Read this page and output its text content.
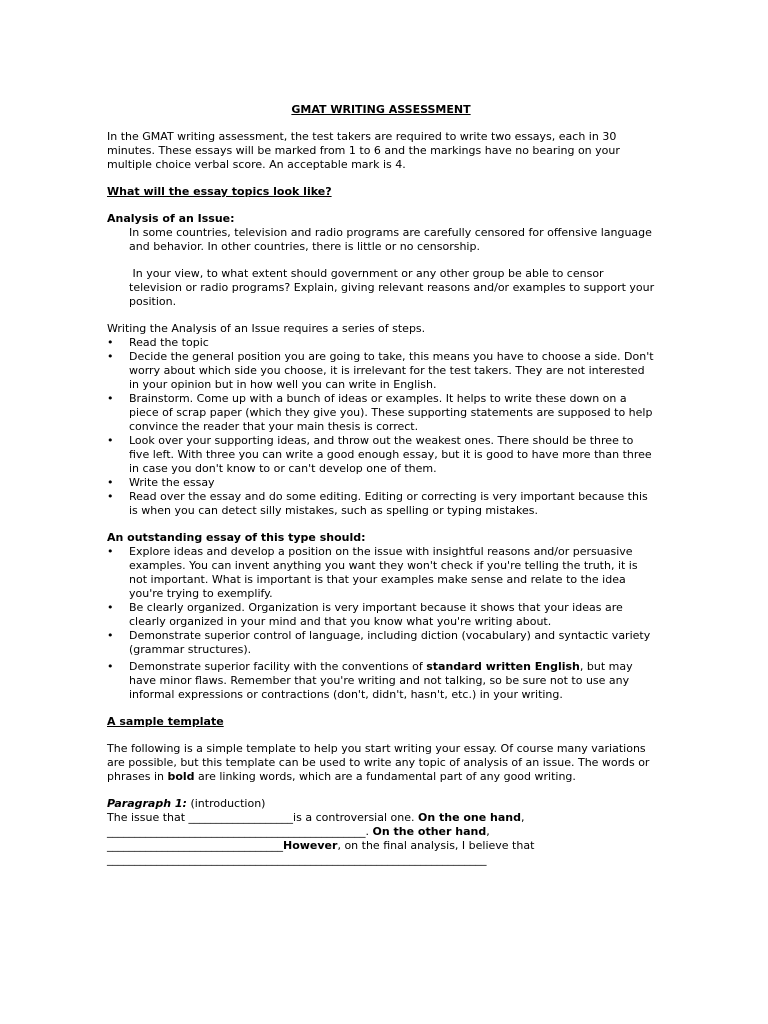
GMAT WRITING ASSESSMENT

In the GMAT writing assessment, the test takers are required to write two essays, each in 30 minutes. These essays will be marked from 1 to 6 and the markings have no bearing on your multiple choice verbal score. An acceptable mark is 4.

What will the essay topics look like?

Analysis of an Issue:

In some countries, television and radio programs are carefully censored for offensive language and behavior. In other countries, there is little or no censorship.

In your view, to what extent should government or any other group be able to censor television or radio programs? Explain, giving relevant reasons and/or examples to support your position.

Writing the Analysis of an Issue requires a series of steps.

• Read the topic
• Decide the general position you are going to take, this means you have to choose a side. Don't worry about which side you choose, it is irrelevant for the test takers. They are not interested in your opinion but in how well you can write in English.
• Brainstorm. Come up with a bunch of ideas or examples. It helps to write these down on a piece of scrap paper (which they give you). These supporting statements are supposed to help convince the reader that your main thesis is correct.
• Look over your supporting ideas, and throw out the weakest ones. There should be three to five left. With three you can write a good enough essay, but it is good to have more than three in case you don't know to or can't develop one of them.
• Write the essay
• Read over the essay and do some editing. Editing or correcting is very important because this is when you can detect silly mistakes, such as spelling or typing mistakes.

An outstanding essay of this type should:

• Explore ideas and develop a position on the issue with insightful reasons and/or persuasive examples. You can invent anything you want they won't check if you're telling the truth, it is not important. What is important is that your examples make sense and relate to the idea you're trying to exemplify.
• Be clearly organized. Organization is very important because it shows that your ideas are clearly organized in your mind and that you know what you're writing about.
• Demonstrate superior control of language, including diction (vocabulary) and syntactic variety (grammar structures).
• Demonstrate superior facility with the conventions of standard written English, but may have minor flaws. Remember that you're writing and not talking, so be sure not to use any informal expressions or contractions (don't, didn't, hasn't, etc.) in your writing.

A sample template

The following is a simple template to help you start writing your essay. Of course many variations are possible, but this template can be used to write any topic of analysis of an issue. The words or phrases in bold are linking words, which are a fundamental part of any good writing.

Paragraph 1: (introduction)

The issue that ___________________is a controversial one. On the one hand,

_______________________________________________. On the other hand,

________________________________However, on the final analysis, I believe that

_____________________________________________________________________
